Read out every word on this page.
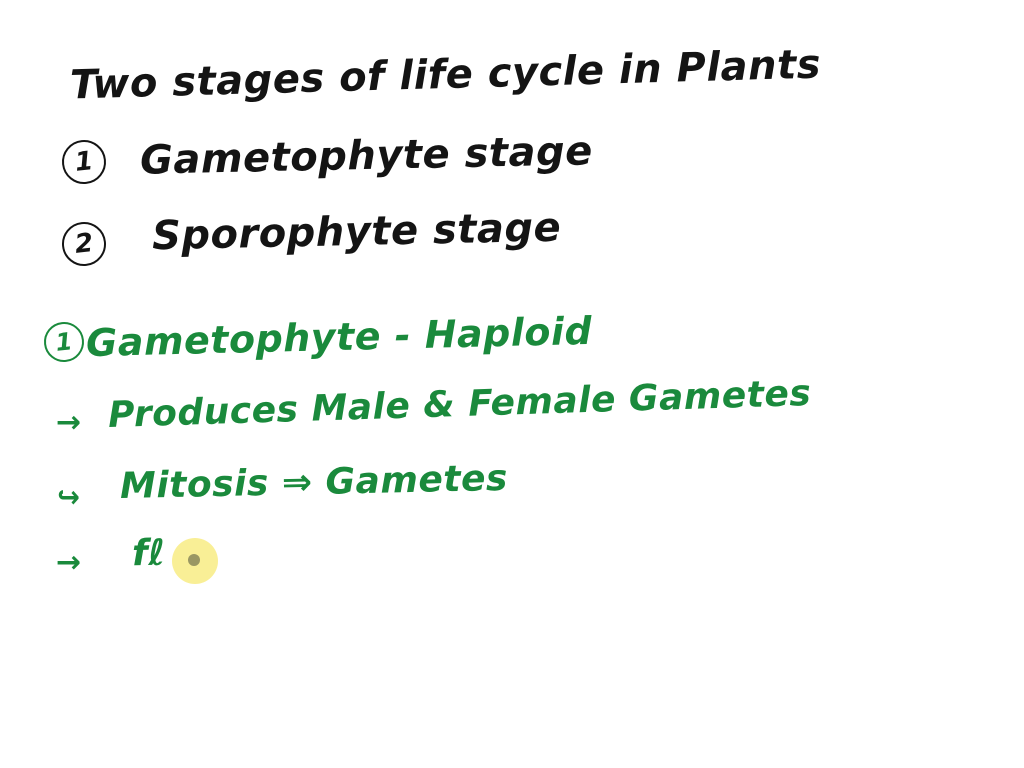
Two stages of life cycle in Plants
1	Gametophyte stage
2	Sporophyte stage
1 Gametophyte - Haploid
→ Produces Male & Female Gametes
↪ Mitosis ⇒ Gametes
→ fℓ
